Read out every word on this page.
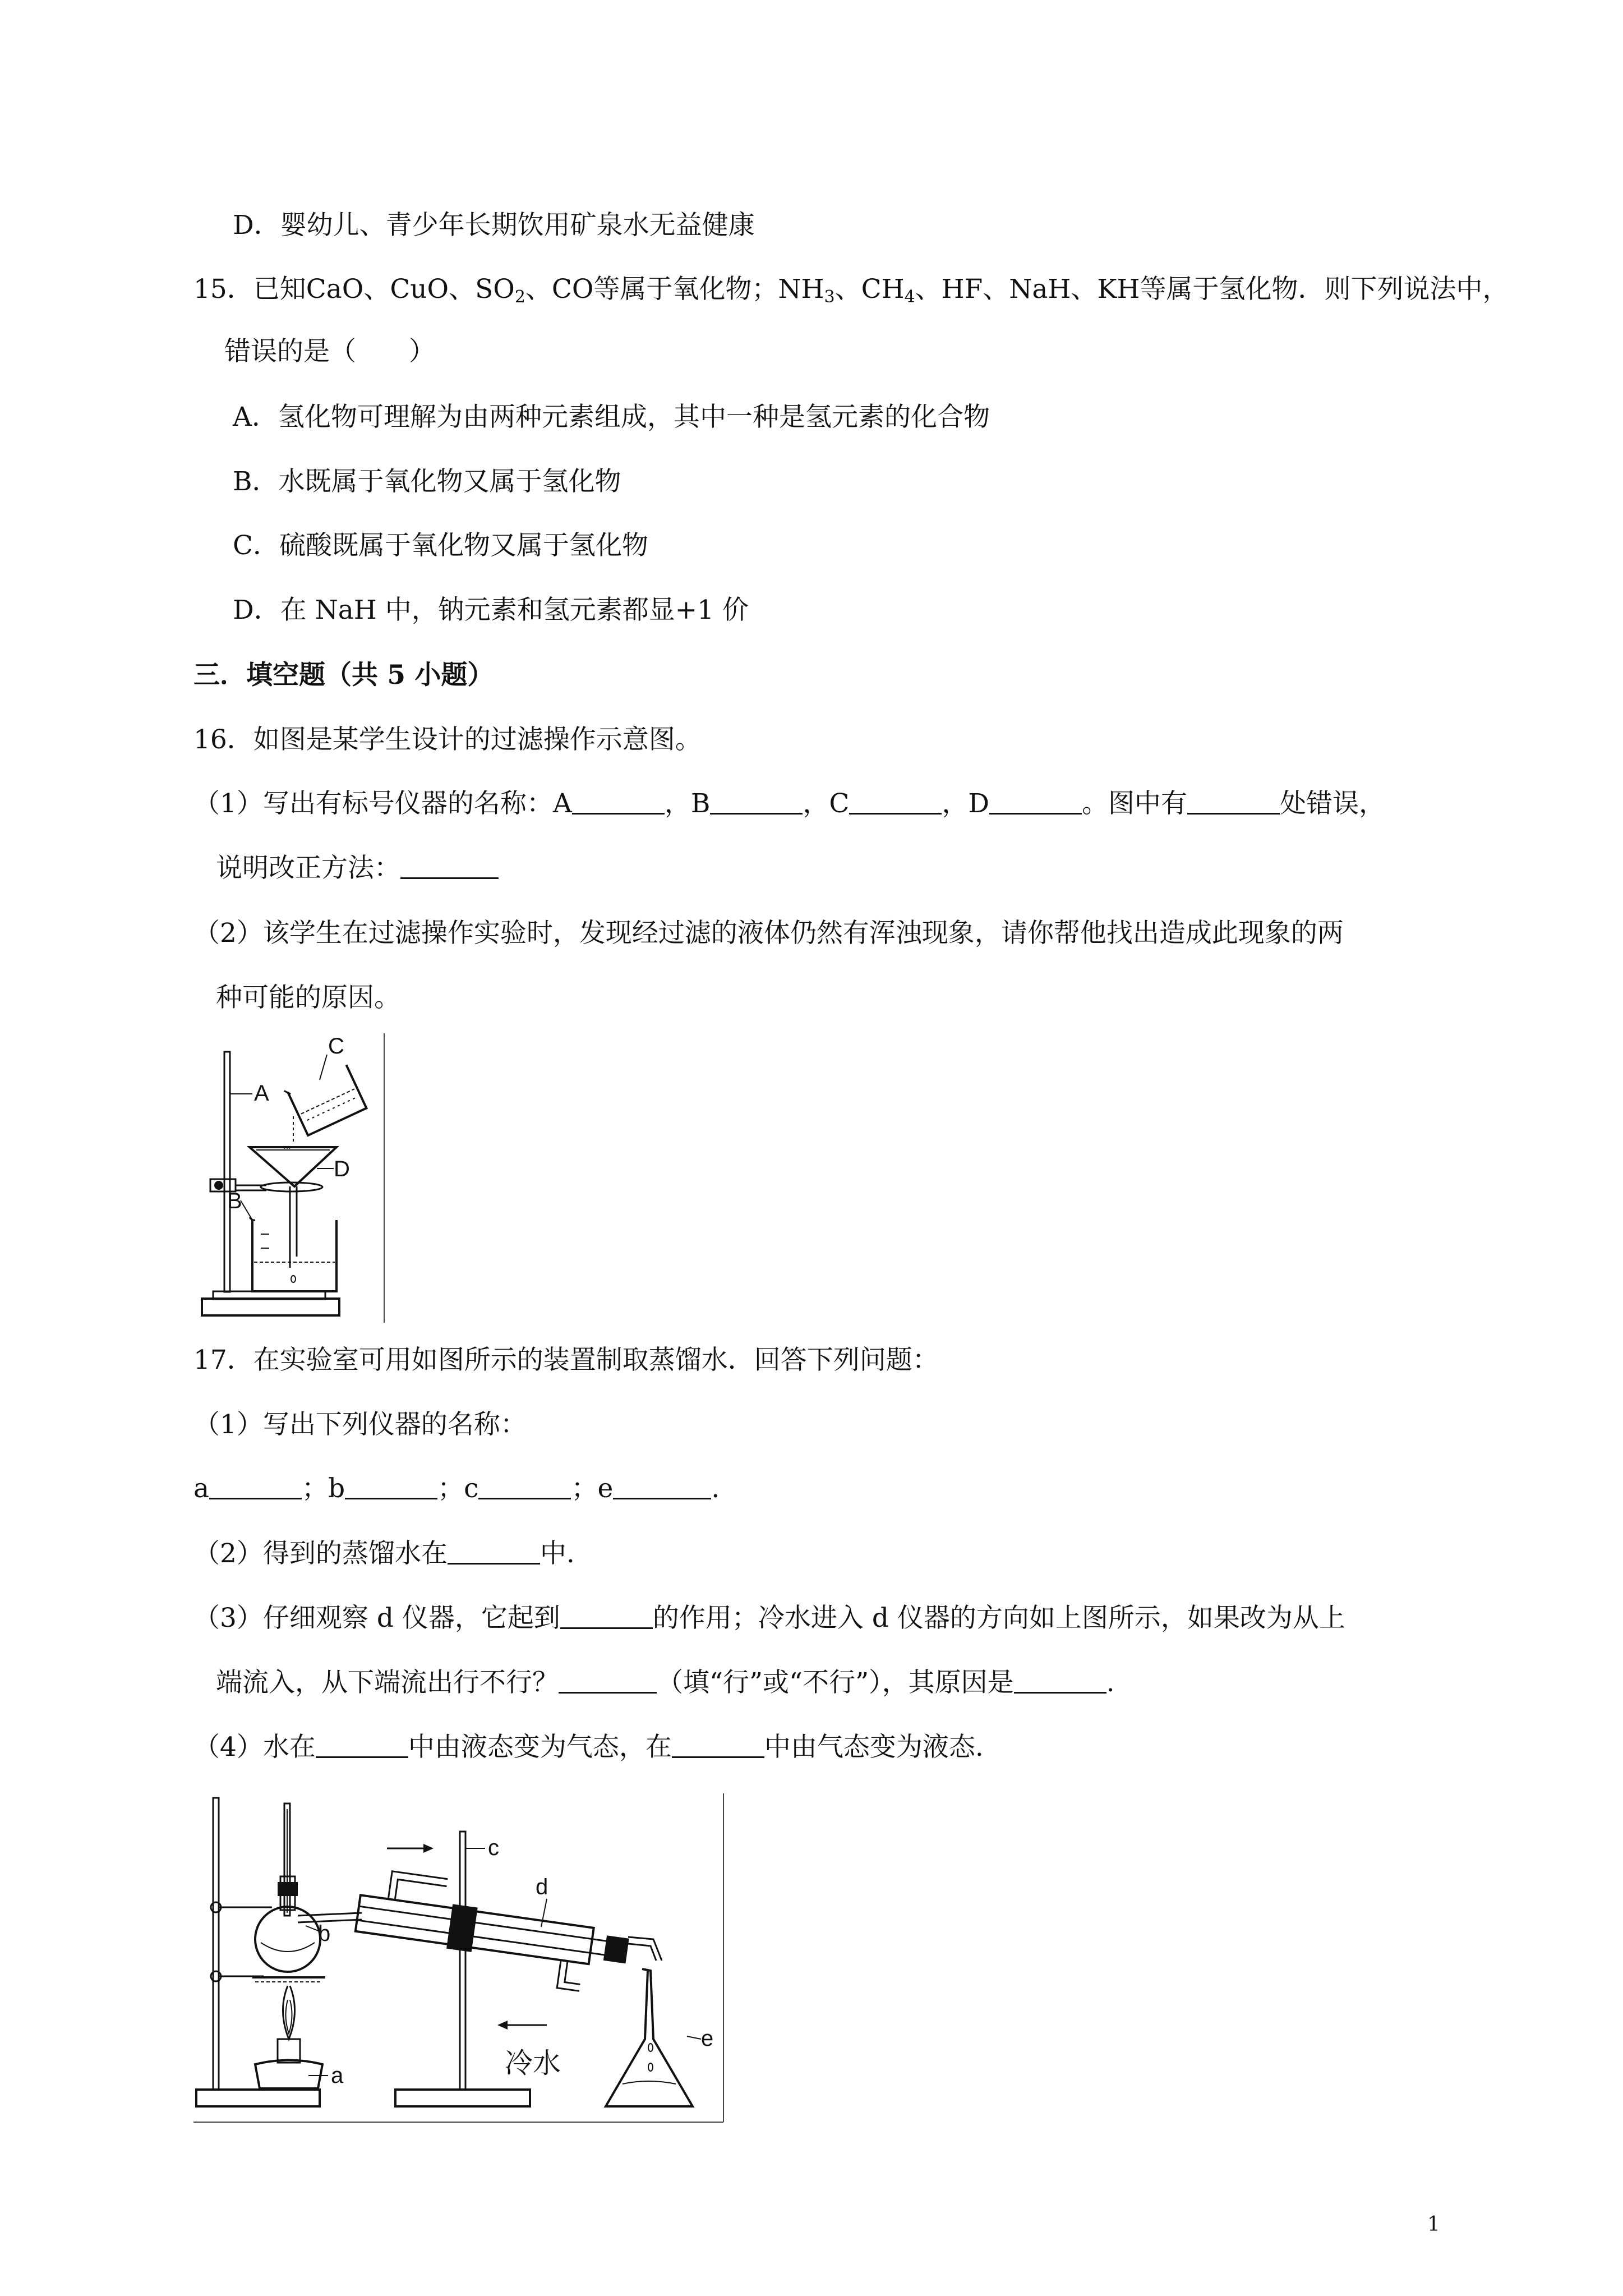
D．婴幼儿、青少年长期饮用矿泉水无益健康
15．已知CaO、CuO、$SO_2$、CO等属于氧化物；$NH_3$、$CH_4$、HF、NaH、KH等属于氢化物．则下列说法中，
错误的是（　　）
A．氢化物可理解为由两种元素组成，其中一种是氢元素的化合物
B．水既属于氧化物又属于氢化物
C．硫酸既属于氧化物又属于氢化物
D．在 NaH 中，钠元素和氢元素都显+1 价
三．填空题（共 5 小题）
16．如图是某学生设计的过滤操作示意图。
（1）写出有标号仪器的名称：A	，B	，C	，D	。图中有	处错误，
说明改正方法：
（2）该学生在过滤操作实验时，发现经过滤的液体仍然有浑浊现象，请你帮他找出造成此现象的两
种可能的原因。
…
A
C
D
B
17．在实验室可用如图所示的装置制取蒸馏水．回答下列问题：
（1）写出下列仪器的名称：
a	；b	；c	；e	.
（2）得到的蒸馏水在	中.
（3）仔细观察 d 仪器，它起到	的作用；冷水进入 d 仪器的方向如上图所示，如果改为从上
端流入，从下端流出行不行？	（填“行”或“不行”），其原因是	.
（4）水在	中由液态变为气态，在	中由气态变为液态.
c
d
b
a
e
冷水
1
